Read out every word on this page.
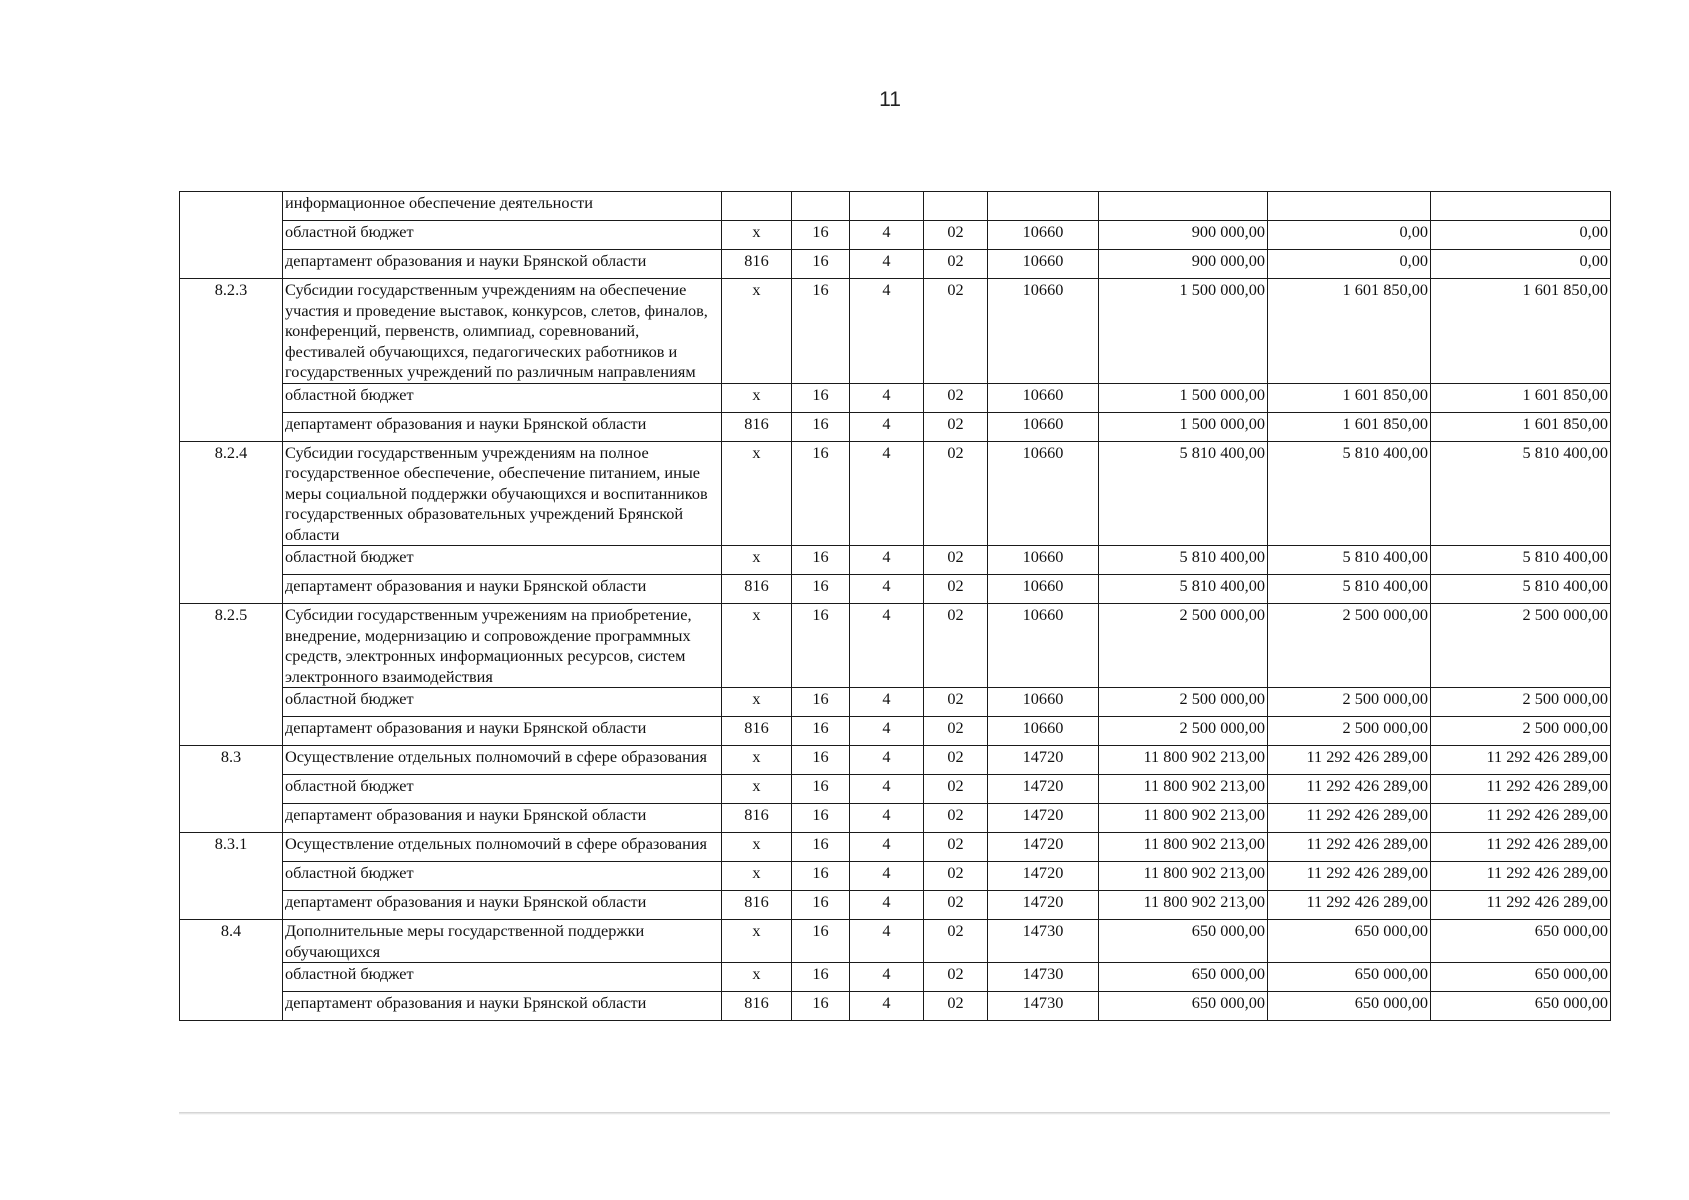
11
	информационное обеспечение деятельности								
	областной бюджет	х	16	4	02	10660	900 000,00	0,00	0,00
	департамент образования и науки Брянской области	816	16	4	02	10660	900 000,00	0,00	0,00
8.2.3	Субсидии государственным учреждениям на обеспечение участия и проведение выставок, конкурсов, слетов, финалов, конференций, первенств, олимпиад, соревнований, фестивалей обучающихся, педагогических работников и государственных учреждений по различным направлениям	х	16	4	02	10660	1 500 000,00	1 601 850,00	1 601 850,00
	областной бюджет	х	16	4	02	10660	1 500 000,00	1 601 850,00	1 601 850,00
	департамент образования и науки Брянской области	816	16	4	02	10660	1 500 000,00	1 601 850,00	1 601 850,00
8.2.4	Субсидии государственным учреждениям на полное государственное обеспечение, обеспечение питанием, иные меры социальной поддержки обучающихся и воспитанников государственных образовательных учреждений Брянской области	х	16	4	02	10660	5 810 400,00	5 810 400,00	5 810 400,00
	областной бюджет	х	16	4	02	10660	5 810 400,00	5 810 400,00	5 810 400,00
	департамент образования и науки Брянской области	816	16	4	02	10660	5 810 400,00	5 810 400,00	5 810 400,00
8.2.5	Субсидии государственным учрежениям на приобретение, внедрение, модернизацию и сопровождение программных средств, электронных информационных ресурсов, систем электронного взаимодействия	х	16	4	02	10660	2 500 000,00	2 500 000,00	2 500 000,00
	областной бюджет	х	16	4	02	10660	2 500 000,00	2 500 000,00	2 500 000,00
	департамент образования и науки Брянской области	816	16	4	02	10660	2 500 000,00	2 500 000,00	2 500 000,00
8.3	Осуществление отдельных полномочий в сфере образования	х	16	4	02	14720	11 800 902 213,00	11 292 426 289,00	11 292 426 289,00
	областной бюджет	х	16	4	02	14720	11 800 902 213,00	11 292 426 289,00	11 292 426 289,00
	департамент образования и науки Брянской области	816	16	4	02	14720	11 800 902 213,00	11 292 426 289,00	11 292 426 289,00
8.3.1	Осуществление отдельных полномочий в сфере образования	х	16	4	02	14720	11 800 902 213,00	11 292 426 289,00	11 292 426 289,00
	областной бюджет	х	16	4	02	14720	11 800 902 213,00	11 292 426 289,00	11 292 426 289,00
	департамент образования и науки Брянской области	816	16	4	02	14720	11 800 902 213,00	11 292 426 289,00	11 292 426 289,00
8.4	Дополнительные меры государственной поддержки обучающихся	х	16	4	02	14730	650 000,00	650 000,00	650 000,00
	областной бюджет	х	16	4	02	14730	650 000,00	650 000,00	650 000,00
	департамент образования и науки Брянской области	816	16	4	02	14730	650 000,00	650 000,00	650 000,00
